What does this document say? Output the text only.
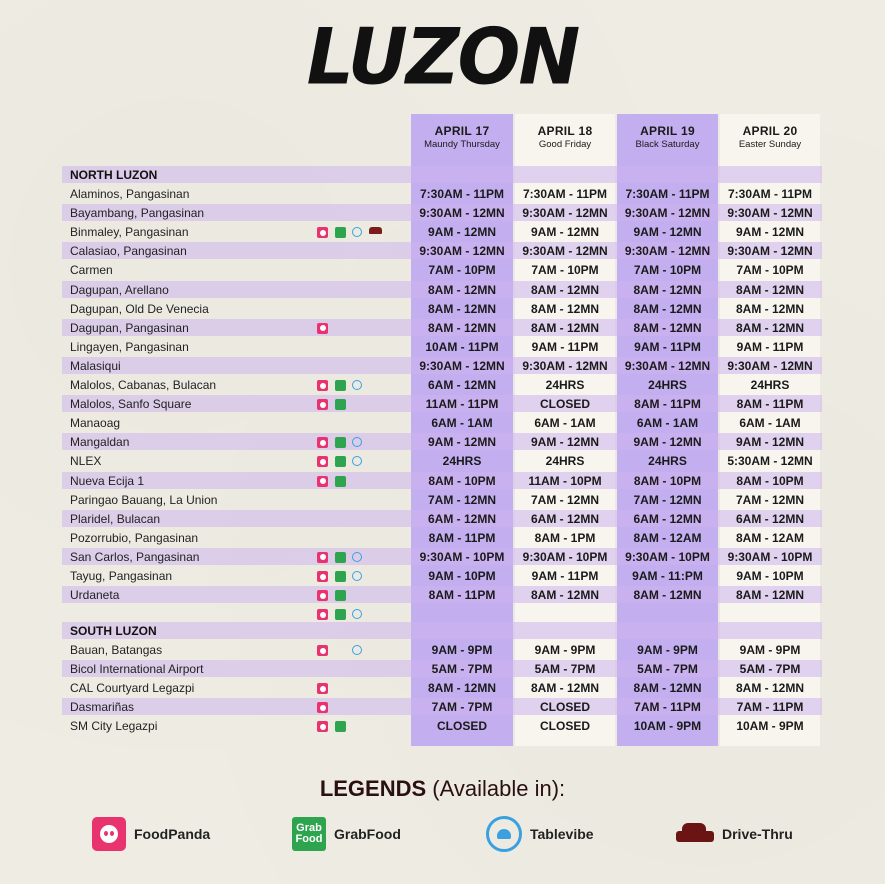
LUZON
APRIL 17
Maundy Thursday
APRIL 18
Good Friday
APRIL 19
Black Saturday
APRIL 20
Easter Sunday
NORTH LUZON
Alaminos, Pangasinan	7:30AM - 11PM	7:30AM - 11PM	7:30AM - 11PM	7:30AM - 11PM
Bayambang, Pangasinan	9:30AM - 12MN	9:30AM - 12MN	9:30AM - 12MN	9:30AM - 12MN
Binmaley, Pangasinan	9AM - 12MN	9AM - 12MN	9AM - 12MN	9AM - 12MN
Calasiao, Pangasinan	9:30AM - 12MN	9:30AM - 12MN	9:30AM - 12MN	9:30AM - 12MN
Carmen	7AM - 10PM	7AM - 10PM	7AM - 10PM	7AM - 10PM
Dagupan, Arellano	8AM - 12MN	8AM - 12MN	8AM - 12MN	8AM - 12MN
Dagupan, Old De Venecia	8AM - 12MN	8AM - 12MN	8AM - 12MN	8AM - 12MN
Dagupan, Pangasinan	8AM - 12MN	8AM - 12MN	8AM - 12MN	8AM - 12MN
Lingayen, Pangasinan	10AM - 11PM	9AM - 11PM	9AM - 11PM	9AM - 11PM
Malasiqui	9:30AM - 12MN	9:30AM - 12MN	9:30AM - 12MN	9:30AM - 12MN
Malolos, Cabanas, Bulacan	6AM - 12MN	24HRS	24HRS	24HRS
Malolos, Sanfo Square	11AM - 11PM	CLOSED	8AM - 11PM	8AM - 11PM
Manaoag	6AM - 1AM	6AM - 1AM	6AM - 1AM	6AM - 1AM
Mangaldan	9AM - 12MN	9AM - 12MN	9AM - 12MN	9AM - 12MN
NLEX	24HRS	24HRS	24HRS	5:30AM - 12MN
Nueva Ecija 1	8AM - 10PM	11AM - 10PM	8AM - 10PM	8AM - 10PM
Paringao Bauang, La Union	7AM - 12MN	7AM - 12MN	7AM - 12MN	7AM - 12MN
Plaridel, Bulacan	6AM - 12MN	6AM - 12MN	6AM - 12MN	6AM - 12MN
Pozorrubio, Pangasinan	8AM - 11PM	8AM - 1PM	8AM - 12AM	8AM - 12AM
San Carlos, Pangasinan	9:30AM - 10PM	9:30AM - 10PM	9:30AM - 10PM	9:30AM - 10PM
Tayug, Pangasinan	9AM - 10PM	9AM - 11PM	9AM - 11:PM	9AM - 10PM
Urdaneta	8AM - 11PM	8AM - 12MN	8AM - 12MN	8AM - 12MN
SOUTH LUZON
Bauan, Batangas	9AM - 9PM	9AM - 9PM	9AM - 9PM	9AM - 9PM
Bicol International Airport	5AM - 7PM	5AM - 7PM	5AM - 7PM	5AM - 7PM
CAL Courtyard Legazpi	8AM - 12MN	8AM - 12MN	8AM - 12MN	8AM - 12MN
Dasmariñas	7AM - 7PM	CLOSED	7AM - 11PM	7AM - 11PM
SM City Legazpi	CLOSED	CLOSED	10AM - 9PM	10AM - 9PM
LEGENDS (Available in):
FoodPanda	Grab
Food GrabFood	Tablevibe	Drive-Thru
